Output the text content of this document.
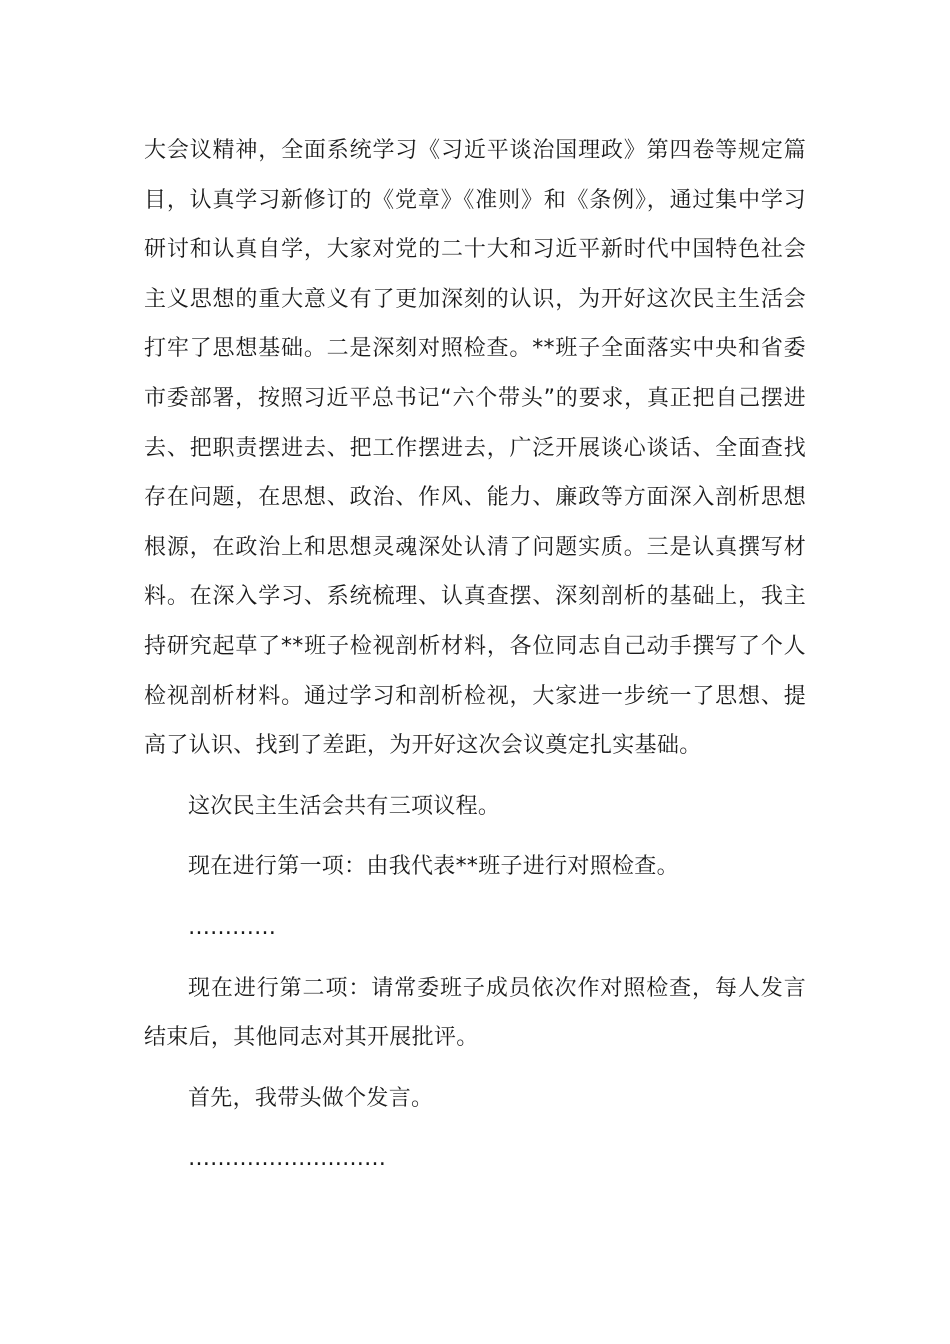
大会议精神，全面系统学习《习近平谈治国理政》第四卷等规定篇目，认真学习新修订的《党章》《准则》和《条例》，通过集中学习研讨和认真自学，大家对党的二十大和习近平新时代中国特色社会主义思想的重大意义有了更加深刻的认识，为开好这次民主生活会打牢了思想基础。二是深刻对照检查。**班子全面落实中央和省委市委部署，按照习近平总书记“六个带头”的要求，真正把自己摆进去、把职责摆进去、把工作摆进去，广泛开展谈心谈话、全面查找存在问题，在思想、政治、作风、能力、廉政等方面深入剖析思想根源，在政治上和思想灵魂深处认清了问题实质。三是认真撰写材料。在深入学习、系统梳理、认真查摆、深刻剖析的基础上，我主持研究起草了**班子检视剖析材料，各位同志自己动手撰写了个人检视剖析材料。通过学习和剖析检视，大家进一步统一了思想、提高了认识、找到了差距，为开好这次会议奠定扎实基础。

这次民主生活会共有三项议程。

现在进行第一项：由我代表**班子进行对照检查。

…………

现在进行第二项：请常委班子成员依次作对照检查，每人发言结束后，其他同志对其开展批评。

首先，我带头做个发言。

………………………
